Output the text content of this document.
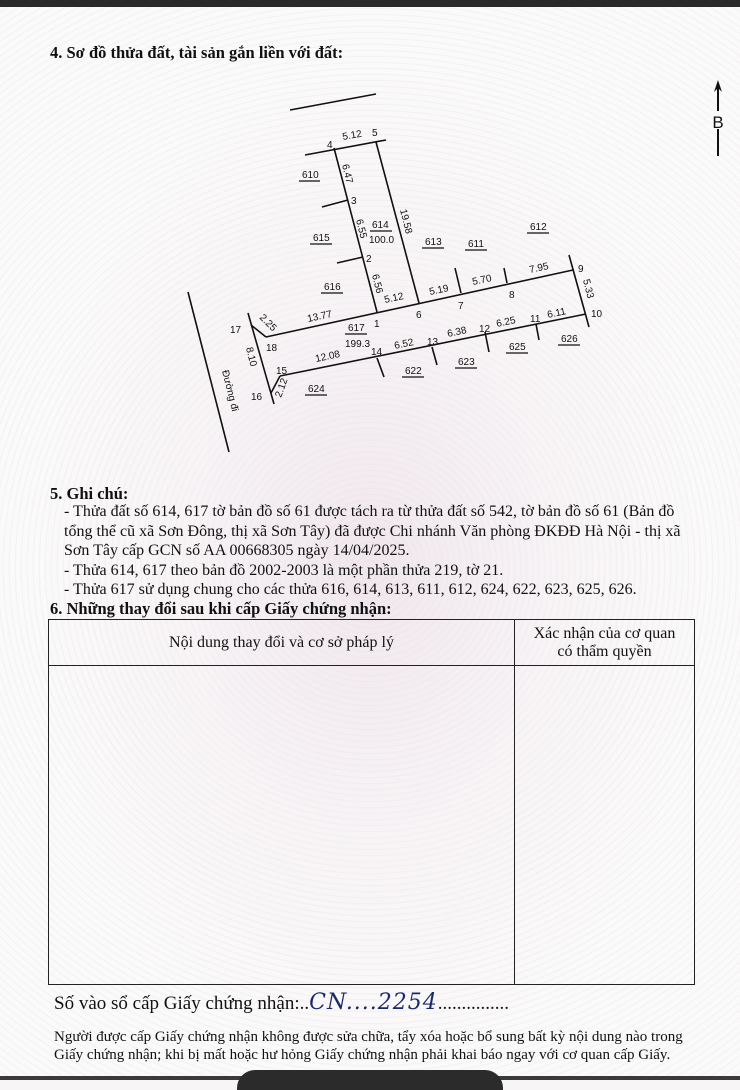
4. Sơ đồ thửa đất, tài sản gắn liền với đất:
B
5.12
6.47
6.55
6.56
19.58
5.12
5.19
5.70
7.95
5.33
6.11
6.25
6.38
6.52
12.08
2.12
8.10
2.25	13.77	1
2
3
4
5
6
7
8
9
10
11
12
13
14
15
16
17
18
610
615
616
614
100.0	613	611
612
617
199.3
622
623
624
625
626
Đường đi
5. Ghi chú:
- Thửa đất số 614, 617 tờ bản đồ số 61 được tách ra từ thửa đất số 542, tờ bản đồ số 61 (Bản đồ
tổng thể cũ xã Sơn Đông, thị xã Sơn Tây) đã được Chi nhánh Văn phòng ĐKĐĐ Hà Nội - thị xã
Sơn Tây cấp GCN số AA 00668305 ngày 14/04/2025.
- Thửa 614, 617 theo bản đồ 2002-2003 là một phần thửa 219, tờ 21.
- Thửa 617 sử dụng chung cho các thửa 616, 614, 613, 611, 612, 624, 622, 623, 625, 626.
6. Những thay đổi sau khi cấp Giấy chứng nhận:
Nội dung thay đổi và cơ sở pháp lý	Xác nhận của cơ quan
có thẩm quyền

Số vào sổ cấp Giấy chứng nhận:..CN....2254...............
Người được cấp Giấy chứng nhận không được sửa chữa, tẩy xóa hoặc bổ sung bất kỳ nội dung nào trong
Giấy chứng nhận; khi bị mất hoặc hư hỏng Giấy chứng nhận phải khai báo ngay với cơ quan cấp Giấy.
